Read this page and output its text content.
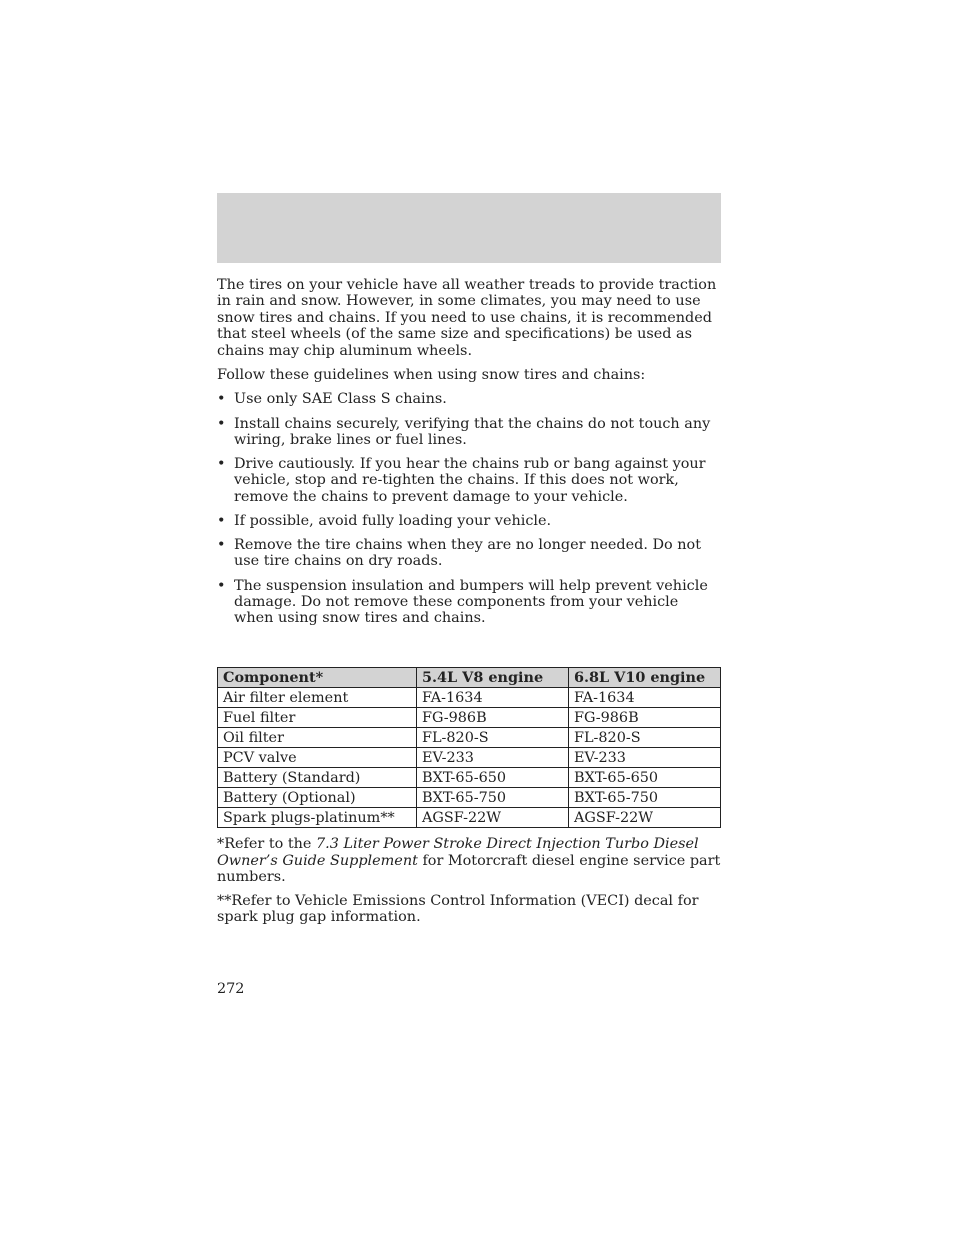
The tires on your vehicle have all weather treads to provide traction in rain and snow. However, in some climates, you may need to use snow tires and chains. If you need to use chains, it is recommended that steel wheels (of the same size and specifications) be used as chains may chip aluminum wheels.

Follow these guidelines when using snow tires and chains:

• Use only SAE Class S chains.
• Install chains securely, verifying that the chains do not touch any wiring, brake lines or fuel lines.
• Drive cautiously. If you hear the chains rub or bang against your vehicle, stop and re-tighten the chains. If this does not work, remove the chains to prevent damage to your vehicle.
• If possible, avoid fully loading your vehicle.
• Remove the tire chains when they are no longer needed. Do not use tire chains on dry roads.
• The suspension insulation and bumpers will help prevent vehicle damage. Do not remove these components from your vehicle when using snow tires and chains.
Component*	5.4L V8 engine	6.8L V10 engine
Air filter element	FA-1634	FA-1634
Fuel filter	FG-986B	FG-986B
Oil filter	FL-820-S	FL-820-S
PCV valve	EV-233	EV-233
Battery (Standard)	BXT-65-650	BXT-65-650
Battery (Optional)	BXT-65-750	BXT-65-750
Spark plugs-platinum**	AGSF-22W	AGSF-22W

*Refer to the 7.3 Liter Power Stroke Direct Injection Turbo Diesel Owner’s Guide Supplement for Motorcraft diesel engine service part numbers.

**Refer to Vehicle Emissions Control Information (VECI) decal for spark plug gap information.

272
